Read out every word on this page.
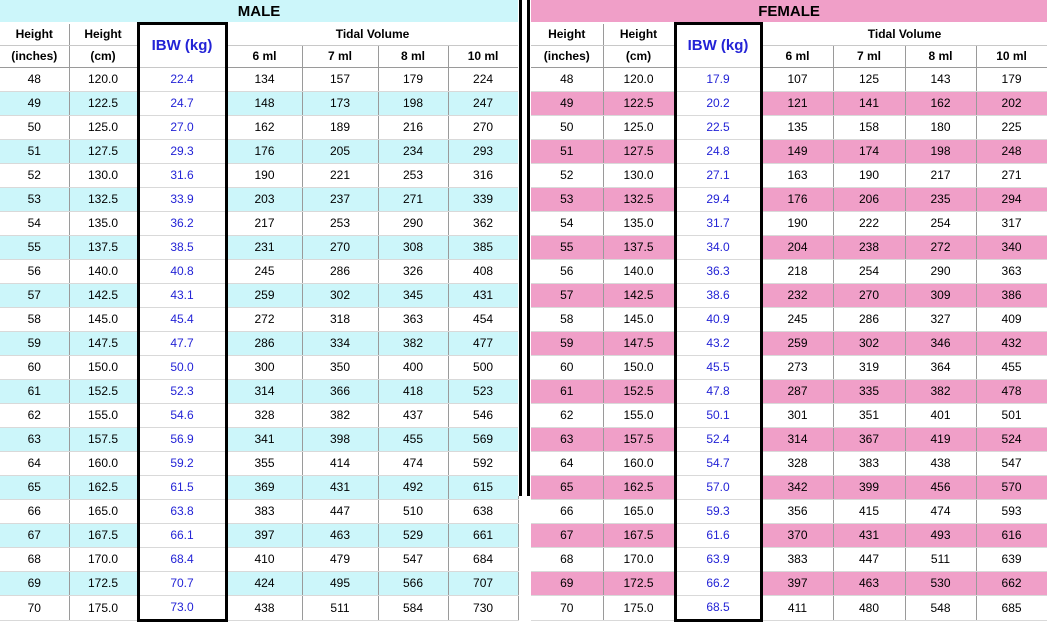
MALE						
Height	Height	IBW (kg)	Tidal Volume			
(inches)	(cm)		6 ml	7 ml	8 ml	10 ml
48	120.0	22.4	134	157	179	224
49	122.5	24.7	148	173	198	247
50	125.0	27.0	162	189	216	270
51	127.5	29.3	176	205	234	293
52	130.0	31.6	190	221	253	316
53	132.5	33.9	203	237	271	339
54	135.0	36.2	217	253	290	362
55	137.5	38.5	231	270	308	385
56	140.0	40.8	245	286	326	408
57	142.5	43.1	259	302	345	431
58	145.0	45.4	272	318	363	454
59	147.5	47.7	286	334	382	477
60	150.0	50.0	300	350	400	500
61	152.5	52.3	314	366	418	523
62	155.0	54.6	328	382	437	546
63	157.5	56.9	341	398	455	569
64	160.0	59.2	355	414	474	592
65	162.5	61.5	369	431	492	615
66	165.0	63.8	383	447	510	638
67	167.5	66.1	397	463	529	661
68	170.0	68.4	410	479	547	684
69	172.5	70.7	424	495	566	707
70	175.0	73.0	438	511	584	730
FEMALE						
Height	Height	IBW (kg)	Tidal Volume			
(inches)	(cm)		6 ml	7 ml	8 ml	10 ml
48	120.0	17.9	107	125	143	179
49	122.5	20.2	121	141	162	202
50	125.0	22.5	135	158	180	225
51	127.5	24.8	149	174	198	248
52	130.0	27.1	163	190	217	271
53	132.5	29.4	176	206	235	294
54	135.0	31.7	190	222	254	317
55	137.5	34.0	204	238	272	340
56	140.0	36.3	218	254	290	363
57	142.5	38.6	232	270	309	386
58	145.0	40.9	245	286	327	409
59	147.5	43.2	259	302	346	432
60	150.0	45.5	273	319	364	455
61	152.5	47.8	287	335	382	478
62	155.0	50.1	301	351	401	501
63	157.5	52.4	314	367	419	524
64	160.0	54.7	328	383	438	547
65	162.5	57.0	342	399	456	570
66	165.0	59.3	356	415	474	593
67	167.5	61.6	370	431	493	616
68	170.0	63.9	383	447	511	639
69	172.5	66.2	397	463	530	662
70	175.0	68.5	411	480	548	685
